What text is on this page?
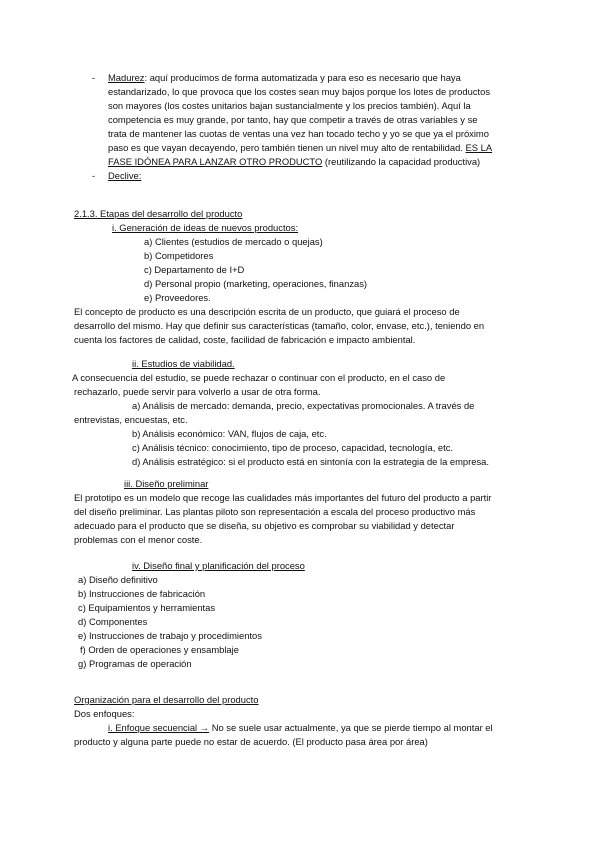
- Madurez: aquí producimos de forma automatizada y para eso es necesario que haya
estandarizado, lo que provoca que los costes sean muy bajos porque los lotes de productos
son mayores (los costes unitarios bajan sustancialmente y los precios también). Aquí la
competencia es muy grande, por tanto, hay que competir a través de otras variables y se
trata de mantener las cuotas de ventas una vez han tocado techo y yo se que ya el próximo
paso es que vayan decayendo, pero también tienen un nivel muy alto de rentabilidad. ES LA
FASE IDÓNEA PARA LANZAR OTRO PRODUCTO (reutilizando la capacidad productiva)
- Declive:
2.1.3. Etapas del desarrollo del producto
i. Generación de ideas de nuevos productos:
a) Clientes (estudios de mercado o quejas)
b) Competidores
c) Departamento de I+D
d) Personal propio (marketing, operaciones, finanzas)
e) Proveedores.
El concepto de producto es una descripción escrita de un producto, que guiará el proceso de
desarrollo del mismo. Hay que definir sus características (tamaño, color, envase, etc.), teniendo en
cuenta los factores de calidad, coste, facilidad de fabricación e impacto ambiental.
ii. Estudios de viabilidad.
A consecuencia del estudio, se puede rechazar o continuar con el producto, en el caso de
rechazarlo, puede servir para volverlo a usar de otra forma.
a) Análisis de mercado: demanda, precio, expectativas promocionales. A través de
entrevistas, encuestas, etc.
b) Análisis económico: VAN, flujos de caja, etc.
c) Análisis técnico: conocimiento, tipo de proceso, capacidad, tecnología, etc.
d) Análisis estratégico: si el producto está en sintonía con la estrategia de la empresa.
iii. Diseño preliminar
El prototipo es un modelo que recoge las cualidades más importantes del futuro del producto a partir
del diseño preliminar. Las plantas piloto son representación a escala del proceso productivo más
adecuado para el producto que se diseña, su objetivo es comprobar su viabilidad y detectar
problemas con el menor coste.
iv. Diseño final y planificación del proceso
a) Diseño definitivo
b) Instrucciones de fabricación
c) Equipamientos y herramientas
d) Componentes
e) Instrucciones de trabajo y procedimientos
f) Orden de operaciones y ensamblaje
g) Programas de operación
Organización para el desarrollo del producto
Dos enfoques:
i. Enfoque secuencial → No se suele usar actualmente, ya que se pierde tiempo al montar el
producto y alguna parte puede no estar de acuerdo. (El producto pasa área por área)
